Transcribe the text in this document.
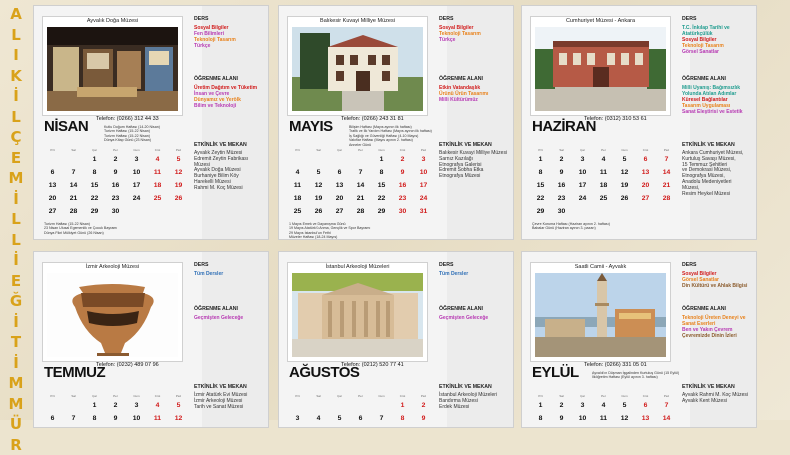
A
L
I
K
İ
L
Ç
E
M
İ
L
L
İ
E
Ğ
İ
T
İ
M
M
Ü
R
Ayvalık Doğa Müzesi
NİSAN Telefon: (0266) 312 44 33
Kutlu Doğum Haftası (14-20 Nisan)
Turizm Haftası (15-22 Nisan)
Turizm Haftası (15-22 Nisan)
Dünya Kitap Günü (23 Nisan)
Pzt	Sal	Çar	Per	Cum	Cmt	Paz
		1	2	3	4	5
6	7	8	9	10	11	12
13	14	15	16	17	18	19
20	21	22	23	24	25	26
27	28	29	30			
Turizm Haftası (15-22 Nisan)
23 Nisan Ulusal Egemenlik ve Çocuk Bayramı
Dünya Fikri Mülkiyet Günü (26 Nisan)
DERS
Sosyal Bilgiler
Fen Bilimleri
Teknoloji Tasarım
Türkçe
ÖĞRENME ALANI
Üretim Dağıtım ve Tüketim
İnsan ve Çevre
Dünyamız ve Yerölk
Bilim ve Teknoloji
ETKİNLİK VE MEKAN
Ayvalık Zeytin Müzesi
Edremit Zeytin Fabrikası Müzesi
Ayvalık Doğa Müzesi
Burhaniye Bilim Köy
Harekelli Müzesi
Rahmi M. Koç Müzesi
Balıkesir Kuvayi Milliye Müzesi
MAYIS Telefon: (0266) 243 31 81
Bilişim Haftası (Mayıs ayının ilk haftası)
Trafik ve İlk Yardım Haftası (Mayıs ayının ilk haftası)
İş Sağlığı ve Güvenliği Haftası (4-10 Mayıs)
Vakıflar Haftası (Mayıs ayının 2. haftası)
Anneler Günü
Pzt	Sal	Çar	Per	Cum	Cmt	Paz
				1	2	3
4	5	6	7	8	9	10
11	12	13	14	15	16	17
18	19	20	21	22	23	24
25	26	27	28	29	30	31
1 Mayıs Emek ve Dayanışma Günü
19 Mayıs Atatürk'ü Anma, Gençlik ve Spor Bayramı
29 Mayıs İstanbul'un Fethi
Müzeler Haftası (18-24 Mayıs)
DERS
Sosyal Bilgiler
Teknoloji Tasarım
Türkçe
ÖĞRENME ALANI
Etkin Vatandaşlık
Ürünü Ürün Tasarımı
Milli Kültürümüz
ETKİNLİK VE MEKAN
Balıkesir Kuvayi Milliye Müzesi
Sarnız Kazılağı
Etnografya Galerisi
Edremit Sobha Etka
Etnografya Müzesi
Cumhuriyet Müzesi - Ankara
HAZİRAN
Telefon: (0312) 310 53 61
Pzt	Sal	Çar	Per	Cum	Cmt	Paz
1	2	3	4	5	6	7
8	9	10	11	12	13	14
15	16	17	18	19	20	21
22	23	24	25	26	27	28
29	30					
Çevre Koruma Haftası (Haziran ayının 2. haftası)
Babalar Günü (Haziran ayının 3. pazarı)
DERS
T.C. İnkılap Tarihi ve Atatürkçülük
Sosyal Bilgiler
Teknoloji Tasarım
Görsel Sanatlar
ÖĞRENME ALANI
Milli Uyanış: Bağımsızlık Yolunda Atılan Adımlar
Küresel Bağlantılar
Tasarım Uygulaması
Sanat Eleştirisi ve Estetik
ETKİNLİK VE MEKAN
Ankara Cumhuriyet Müzesi,
Kurtuluş Savaşı Müzesi,
15 Temmuz Şehitleri
ve Demokrasi Müzesi,
Etnografya Müzesi,
Anadolu Medeniyetleri
Müzesi,
Resim Heykel Müzesi
İzmir Arkeoloji Müzesi
TEMMUZ
Telefon: (0232) 489 07 96
Pzt	Sal	Çar	Per	Cum	Cmt	Paz
		1	2	3	4	5
6	7	8	9	10	11	12
DERS
Tüm Dersler
ÖĞRENME ALANI
Geçmişten Geleceğe
ETKİNLİK VE MEKAN
İzmir Atatürk Evi Müzesi
İzmir Arkeoloji Müzesi
Tarih ve Sanat Müzesi
İstanbul Arkeoloji Müzeleri
AĞUSTOS
Telefon: (0212) 520 77 41
Pzt	Sal	Çar	Per	Cum	Cmt	Paz
					1	2
3	4	5	6	7	8	9
DERS
Tüm Dersler
ÖĞRENME ALANI
Geçmişten Geleceğe
ETKİNLİK VE MEKAN
İstanbul Arkeoloji Müzeleri
Bandırma Müzesi
Erdek Müzesi
Saatli Camii - Ayvalık
EYLÜL Telefon: (0266) 331 05 01
Ayvalık'ın Düşman İşgalinden Kurtuluş Günü (15 Eylül)
İlköğretim Haftası (Eylül ayının 3. haftası)
Pzt	Sal	Çar	Per	Cum	Cmt	Paz
1	2	3	4	5	6	7
8	9	10	11	12	13	14
DERS
Sosyal Bilgiler
Görsel Sanatlar
Din Kültürü ve Ahlak Bilgisi
ÖĞRENME ALANI
Teknoloji Üreten Deneyi ve Sanat Eserleri
Ben ve Yakın Çevrem
Çevremizde Dinin İzleri
ETKİNLİK VE MEKAN
Ayvalık Rahmi M. Koç Müzesi
Ayvalık Kent Müzesi
